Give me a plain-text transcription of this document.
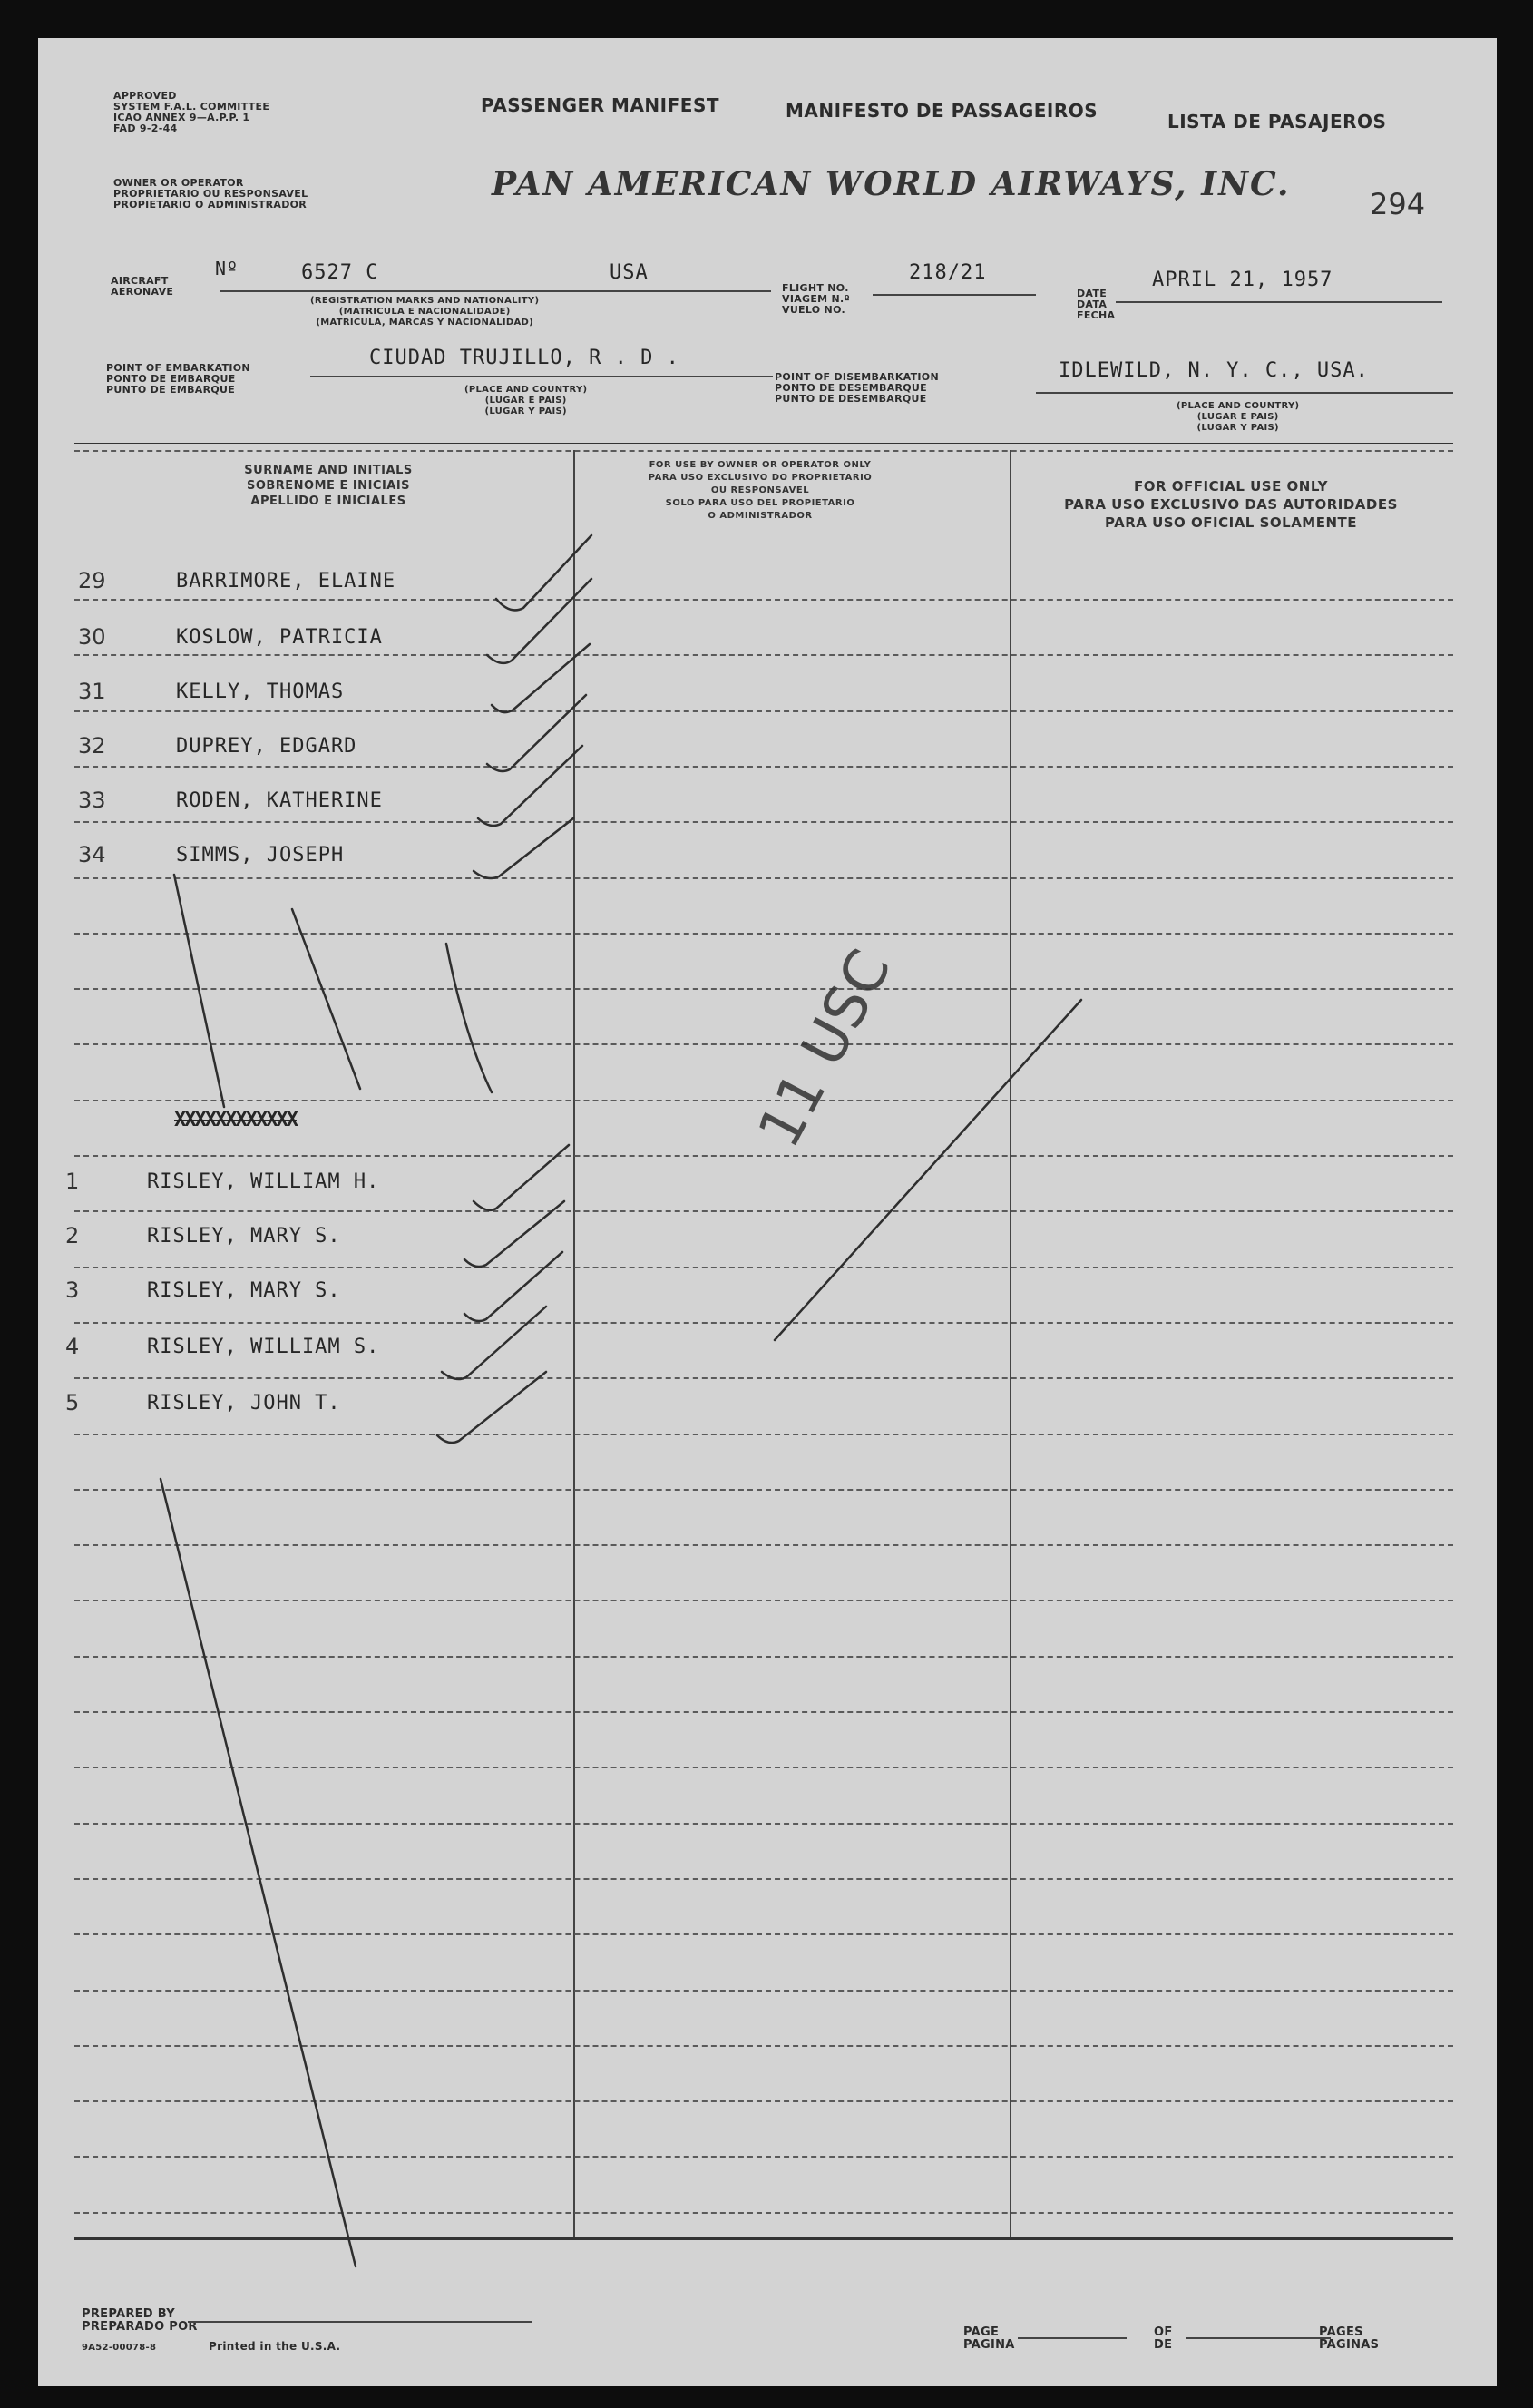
APPROVED
SYSTEM F.A.L. COMMITTEE
ICAO ANNEX 9—A.P.P. 1
FAD 9-2-44
PASSENGER MANIFEST	MANIFESTO DE PASSAGEIROS	LISTA DE PASAJEROS
OWNER OR OPERATOR
PROPRIETARIO OU RESPONSAVEL
PROPIETARIO O ADMINISTRADOR
PAN AMERICAN WORLD AIRWAYS, INC.
294
AIRCRAFT
AERONAVE
Nº	6527 C	USA
(REGISTRATION MARKS AND NATIONALITY)
(MATRICULA E NACIONALIDADE)
(MATRICULA, MARCAS Y NACIONALIDAD)
FLIGHT NO.
VIAGEM N.º
VUELO NO.
218/21
DATE
DATA
FECHA
APRIL 21, 1957
POINT OF EMBARKATION
PONTO DE EMBARQUE
PUNTO DE EMBARQUE
CIUDAD TRUJILLO, R . D .
(PLACE AND COUNTRY)
(LUGAR E PAIS)
(LUGAR Y PAIS)
POINT OF DISEMBARKATION
PONTO DE DESEMBARQUE
PUNTO DE DESEMBARQUE
IDLEWILD, N. Y. C., USA.
(PLACE AND COUNTRY)
(LUGAR E PAIS)
(LUGAR Y PAIS)
SURNAME AND INITIALS
SOBRENOME E INICIAIS
APELLIDO E INICIALES
FOR USE BY OWNER OR OPERATOR ONLY
PARA USO EXCLUSIVO DO PROPRIETARIO
OU RESPONSAVEL
SOLO PARA USO DEL PROPIETARIO
O ADMINISTRADOR
FOR OFFICIAL USE ONLY
PARA USO EXCLUSIVO DAS AUTORIDADES
PARA USO OFICIAL SOLAMENTE
29	BARRIMORE, ELAINE
30	KOSLOW, PATRICIA
31	KELLY, THOMAS
32	DUPREY, EDGARD
33	RODEN, KATHERINE
34	SIMMS, JOSEPH
XXXXXXXXXXXX
1	RISLEY, WILLIAM H.
2	RISLEY, MARY S.
3	RISLEY, MARY S.
4	RISLEY, WILLIAM S.
5	RISLEY, JOHN T.
11 USC
PREPARED BY
PREPARADO POR
9A52-00078-8	Printed in the U.S.A.
PAGE
PAGINA
OF
DE
PAGES
PAGINAS
